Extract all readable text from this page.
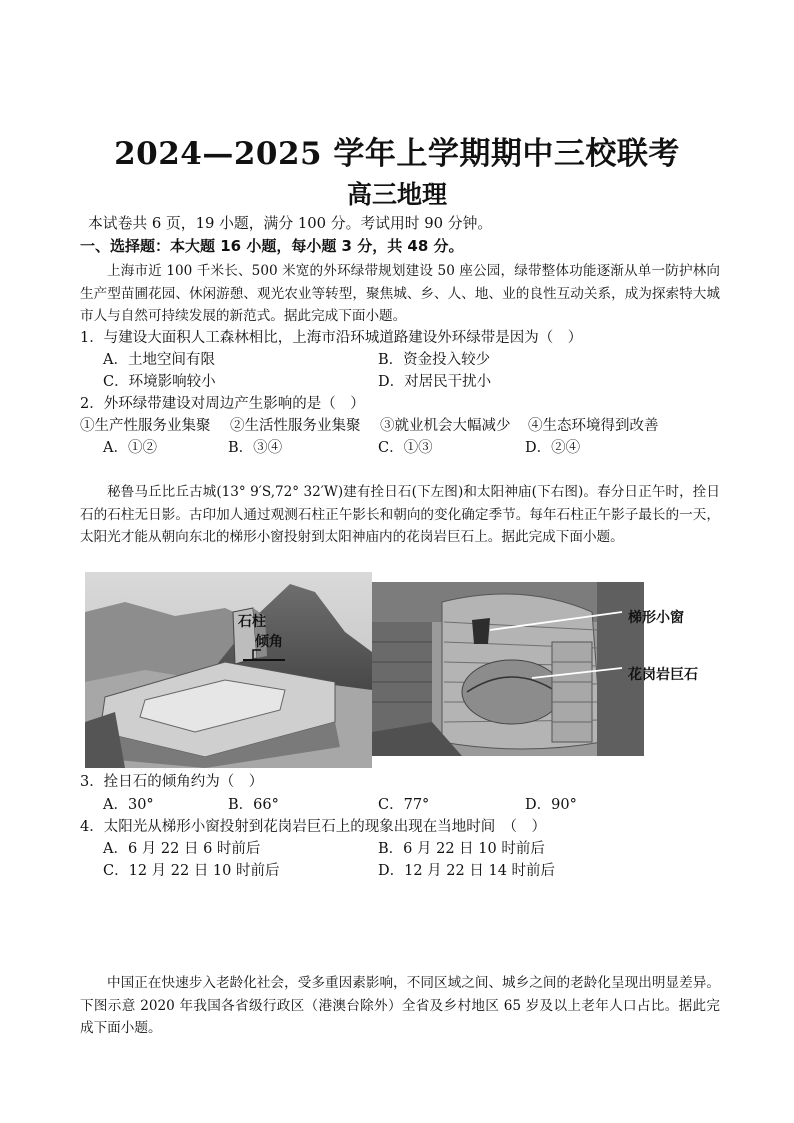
2024—2025 学年上学期期中三校联考
高三地理
本试卷共 6 页，19 小题，满分 100 分。考试用时 90 分钟。
一、选择题：本大题 16 小题，每小题 3 分，共 48 分。
上海市近 100 千米长、500 米宽的外环绿带规划建设 50 座公园，绿带整体功能逐渐从单一防护林向生产型苗圃花园、休闲游憩、观光农业等转型，聚焦城、乡、人、地、业的良性互动关系，成为探索特大城市人与自然可持续发展的新范式。据此完成下面小题。
1．与建设大面积人工森林相比，上海市沿环城道路建设外环绿带是因为（　）
A．土地空间有限	B．资金投入较少
C．环境影响较小	D．对居民干扰小
2．外环绿带建设对周边产生影响的是（　）
①生产性服务业集聚 ②生活性服务业集聚 ③就业机会大幅减少 ④生态环境得到改善
A．①②	B．③④	C．①③	D．②④
秘鲁马丘比丘古城(13° 9′S,72° 32′W)建有拴日石(下左图)和太阳神庙(下右图)。春分日正午时，拴日石的石柱无日影。古印加人通过观测石柱正午影长和朝向的变化确定季节。每年石柱正午影子最长的一天，太阳光才能从朝向东北的梯形小窗投射到太阳神庙内的花岗岩巨石上。据此完成下面小题。
石柱
倾角
梯形小窗
花岗岩巨石
3．拴日石的倾角约为（　）
A．30°	B．66°	C．77°	D．90°
4．太阳光从梯形小窗投射到花岗岩巨石上的现象出现在当地时间　（　）
A．6 月 22 日 6 时前后	B．6 月 22 日 10 时前后
C．12 月 22 日 10 时前后	D．12 月 22 日 14 时前后
中国正在快速步入老龄化社会，受多重因素影响，不同区域之间、城乡之间的老龄化呈现出明显差异。下图示意 2020 年我国各省级行政区（港澳台除外）全省及乡村地区 65 岁及以上老年人口占比。据此完成下面小题。
